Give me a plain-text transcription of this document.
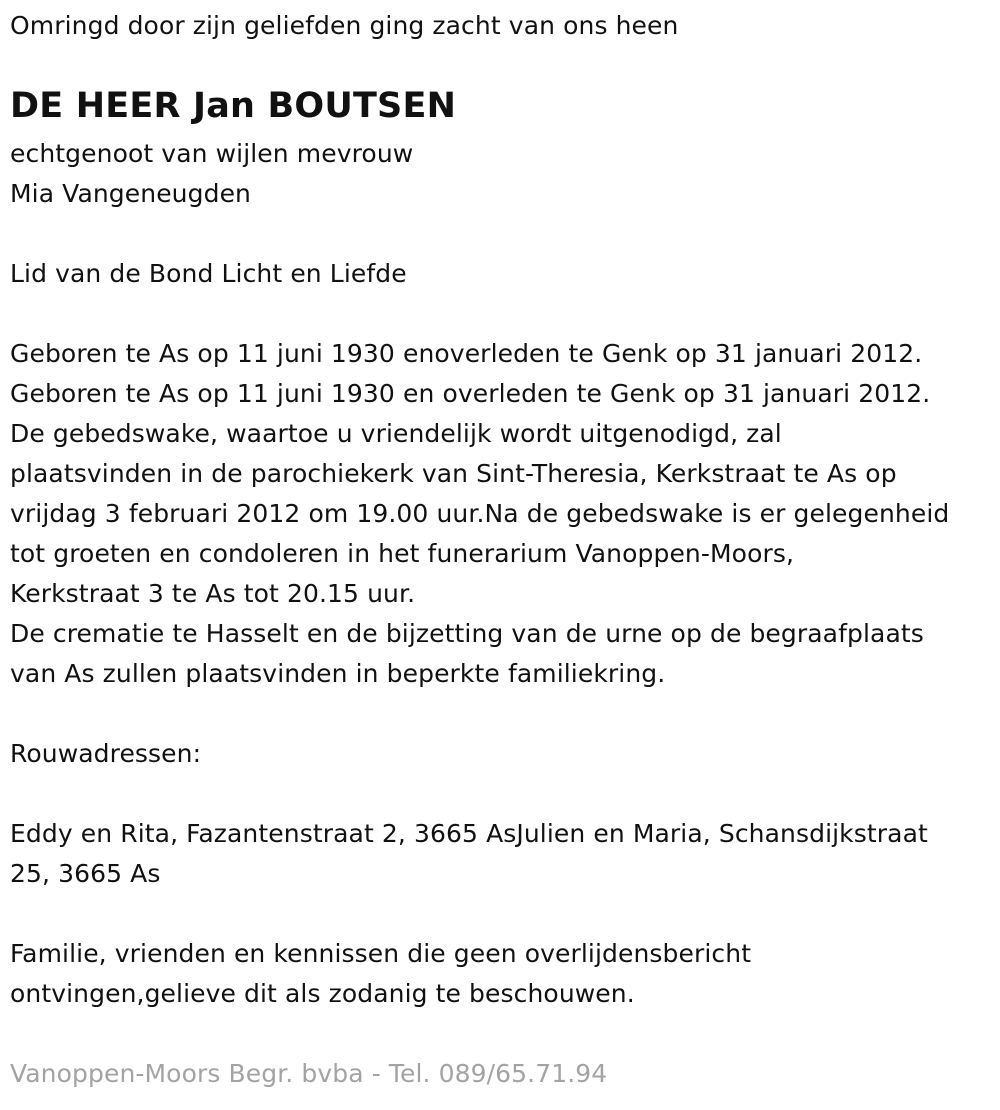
Omringd door zijn geliefden ging zacht van ons heen
DE HEER Jan BOUTSEN
echtgenoot van wijlen mevrouw
Mia Vangeneugden
Lid van de Bond Licht en Liefde
Geboren te As op 11 juni 1930 enoverleden te Genk op 31 januari 2012.
Geboren te As op 11 juni 1930 en overleden te Genk op 31 januari 2012.
De gebedswake, waartoe u vriendelijk wordt uitgenodigd, zal
plaatsvinden in de parochiekerk van Sint-Theresia, Kerkstraat te As op
vrijdag 3 februari 2012 om 19.00 uur.Na de gebedswake is er gelegenheid
tot groeten en condoleren in het funerarium Vanoppen-Moors,
Kerkstraat 3 te As tot 20.15 uur.
De crematie te Hasselt en de bijzetting van de urne op de begraafplaats
van As zullen plaatsvinden in beperkte familiekring.
Rouwadressen:
Eddy en Rita, Fazantenstraat 2, 3665 AsJulien en Maria, Schansdijkstraat
25, 3665 As
Familie, vrienden en kennissen die geen overlijdensbericht
ontvingen,gelieve dit als zodanig te beschouwen.
Vanoppen-Moors Begr. bvba - Tel. 089/65.71.94
